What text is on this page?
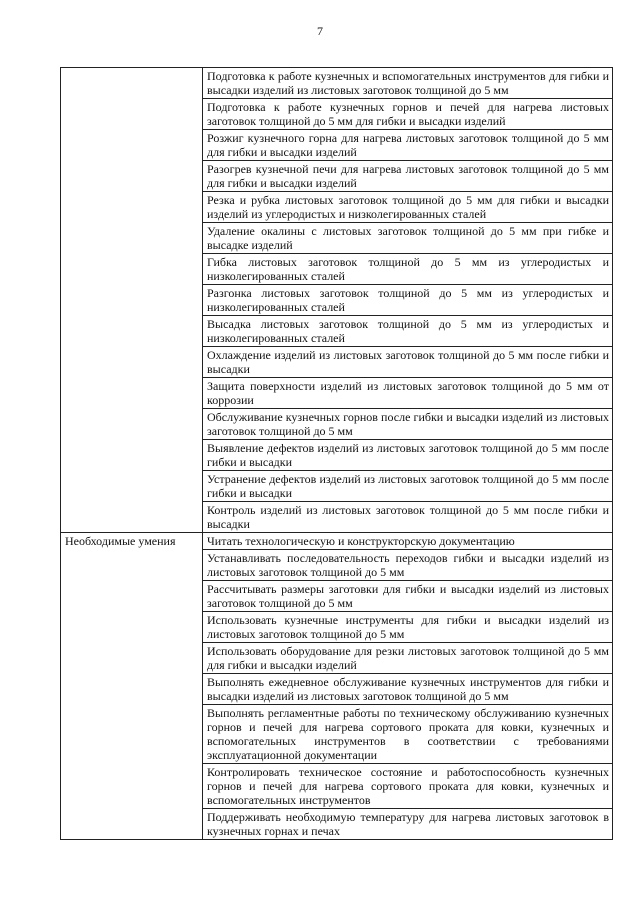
7
	Подготовка к работе кузнечных и вспомогательных инструментов для гибки и высадки изделий из листовых заготовок толщиной до 5 мм
	Подготовка к работе кузнечных горнов и печей для нагрева листовых заготовок толщиной до 5 мм для гибки и высадки изделий
	Розжиг кузнечного горна для нагрева листовых заготовок толщиной до 5 мм для гибки и высадки изделий
	Разогрев кузнечной печи для нагрева листовых заготовок толщиной до 5 мм для гибки и высадки изделий
	Резка и рубка листовых заготовок толщиной до 5 мм для гибки и высадки изделий из углеродистых и низколегированных сталей
	Удаление окалины с листовых заготовок толщиной до 5 мм при гибке и высадке изделий
	Гибка листовых заготовок толщиной до 5 мм из углеродистых и низколегированных сталей
	Разгонка листовых заготовок толщиной до 5 мм из углеродистых и низколегированных сталей
	Высадка листовых заготовок толщиной до 5 мм из углеродистых и низколегированных сталей
	Охлаждение изделий из листовых заготовок толщиной до 5 мм после гибки и высадки
	Защита поверхности изделий из листовых заготовок толщиной до 5 мм от коррозии
	Обслуживание кузнечных горнов после гибки и высадки изделий из листовых заготовок толщиной до 5 мм
	Выявление дефектов изделий из листовых заготовок толщиной до 5 мм после гибки и высадки
	Устранение дефектов изделий из листовых заготовок толщиной до 5 мм после гибки и высадки
	Контроль изделий из листовых заготовок толщиной до 5 мм после гибки и высадки
Необходимые умения	Читать технологическую и конструкторскую документацию
	Устанавливать последовательность переходов гибки и высадки изделий из листовых заготовок толщиной до 5 мм
	Рассчитывать размеры заготовки для гибки и высадки изделий из листовых заготовок толщиной до 5 мм
	Использовать кузнечные инструменты для гибки и высадки изделий из листовых заготовок толщиной до 5 мм
	Использовать оборудование для резки листовых заготовок толщиной до 5 мм для гибки и высадки изделий
	Выполнять ежедневное обслуживание кузнечных инструментов для гибки и высадки изделий из листовых заготовок толщиной до 5 мм
	Выполнять регламентные работы по техническому обслуживанию кузнечных горнов и печей для нагрева сортового проката для ковки, кузнечных и вспомогательных инструментов в соответствии с требованиями эксплуатационной документации
	Контролировать техническое состояние и работоспособность кузнечных горнов и печей для нагрева сортового проката для ковки, кузнечных и вспомогательных инструментов
	Поддерживать необходимую температуру для нагрева листовых заготовок в кузнечных горнах и печах
